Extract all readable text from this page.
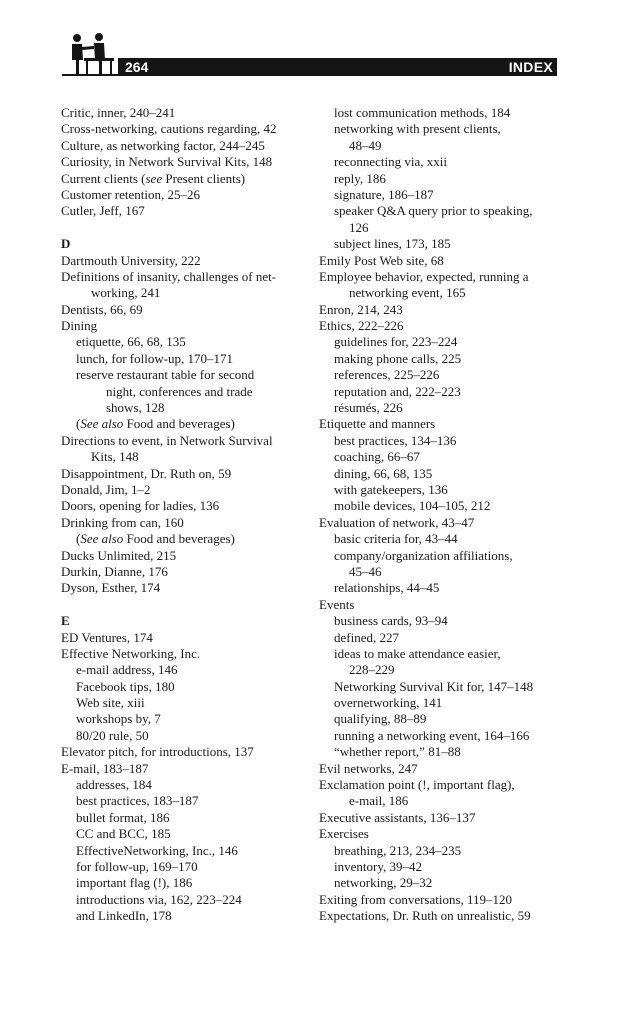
264	INDEX
Critic, inner, 240–241
Cross-networking, cautions regarding, 42
Culture, as networking factor, 244–245
Curiosity, in Network Survival Kits, 148
Current clients (see Present clients)
Customer retention, 25–26
Cutler, Jeff, 167
D
Dartmouth University, 222
Definitions of insanity, challenges of net-
working, 241
Dentists, 66, 69
Dining
etiquette, 66, 68, 135
lunch, for follow-up, 170–171
reserve restaurant table for second
night, conferences and trade
shows, 128
(See also Food and beverages)
Directions to event, in Network Survival
Kits, 148
Disappointment, Dr. Ruth on, 59
Donald, Jim, 1–2
Doors, opening for ladies, 136
Drinking from can, 160
(See also Food and beverages)
Ducks Unlimited, 215
Durkin, Dianne, 176
Dyson, Esther, 174
E
ED Ventures, 174
Effective Networking, Inc.
e-mail address, 146
Facebook tips, 180
Web site, xiii
workshops by, 7
80/20 rule, 50
Elevator pitch, for introductions, 137
E-mail, 183–187
addresses, 184
best practices, 183–187
bullet format, 186
CC and BCC, 185
EffectiveNetworking, Inc., 146
for follow-up, 169–170
important flag (!), 186
introductions via, 162, 223–224
and LinkedIn, 178
lost communication methods, 184
networking with present clients,
48–49
reconnecting via, xxii
reply, 186
signature, 186–187
speaker Q&A query prior to speaking,
126
subject lines, 173, 185
Emily Post Web site, 68
Employee behavior, expected, running a
networking event, 165
Enron, 214, 243
Ethics, 222–226
guidelines for, 223–224
making phone calls, 225
references, 225–226
reputation and, 222–223
résumés, 226
Etiquette and manners
best practices, 134–136
coaching, 66–67
dining, 66, 68, 135
with gatekeepers, 136
mobile devices, 104–105, 212
Evaluation of network, 43–47
basic criteria for, 43–44
company/organization affiliations,
45–46
relationships, 44–45
Events
business cards, 93–94
defined, 227
ideas to make attendance easier,
228–229
Networking Survival Kit for, 147–148
overnetworking, 141
qualifying, 88–89
running a networking event, 164–166
“whether report,” 81–88
Evil networks, 247
Exclamation point (!, important flag),
e-mail, 186
Executive assistants, 136–137
Exercises
breathing, 213, 234–235
inventory, 39–42
networking, 29–32
Exiting from conversations, 119–120
Expectations, Dr. Ruth on unrealistic, 59
